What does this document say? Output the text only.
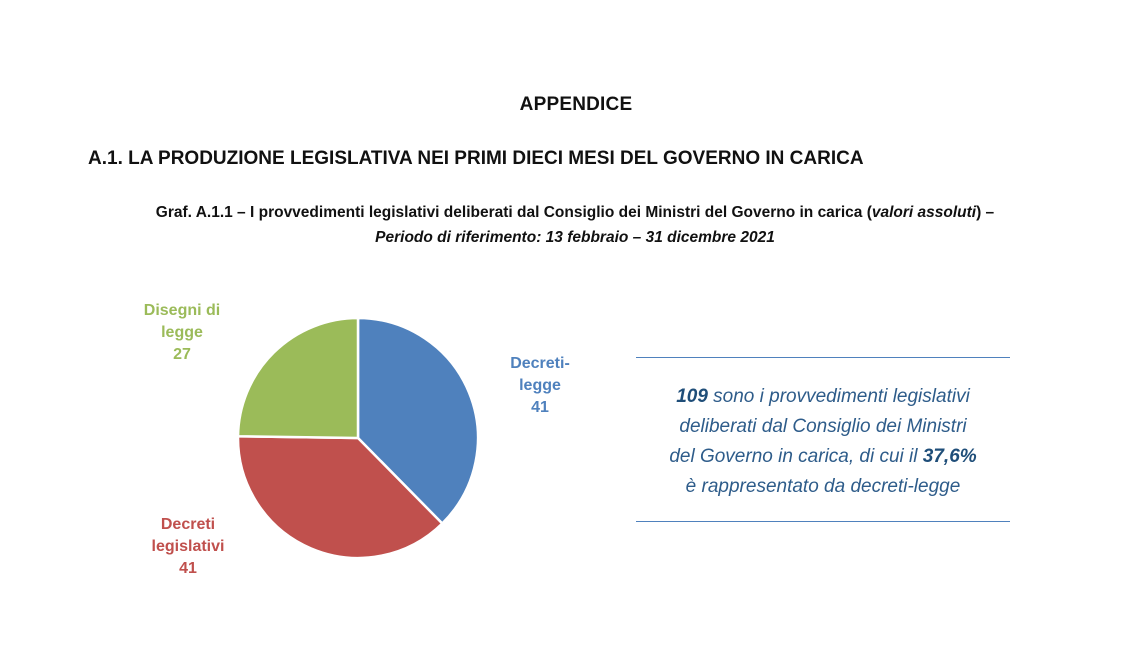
APPENDICE
A.1. LA PRODUZIONE LEGISLATIVA NEI PRIMI DIECI MESI DEL GOVERNO IN CARICA
Graf. A.1.1 – I provvedimenti legislativi deliberati dal Consiglio dei Ministri del Governo in carica (valori assoluti) –
Periodo di riferimento: 13 febbraio – 31 dicembre 2021
Decreti-
legge
41
Decreti
legislativi
41
Disegni di
legge
27
109 sono i provvedimenti legislativi
deliberati dal Consiglio dei Ministri
del Governo in carica, di cui il 37,6%
è rappresentato da decreti-legge
